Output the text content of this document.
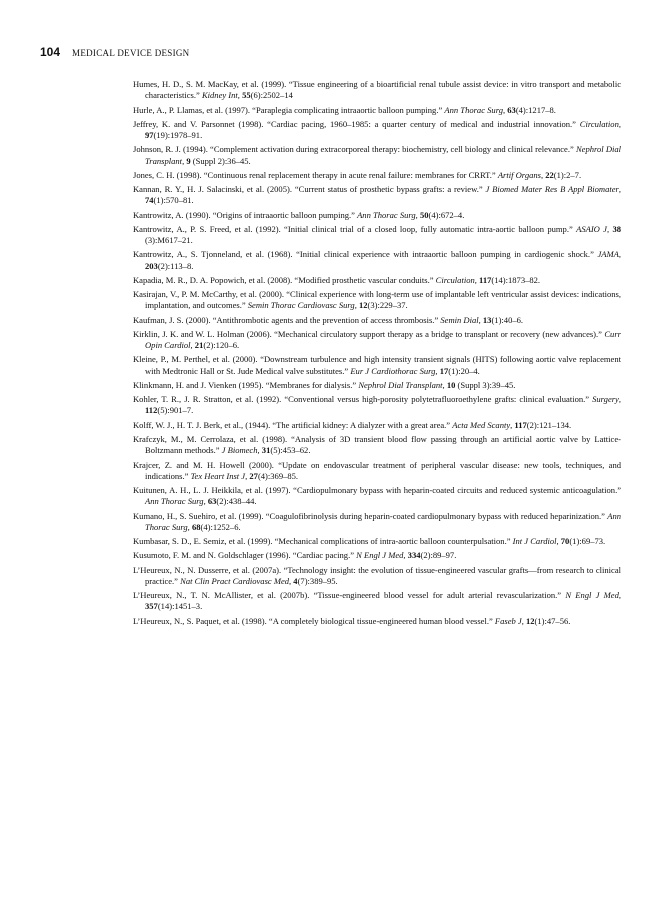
104 MEDICAL DEVICE DESIGN

Humes, H. D., S. M. MacKay, et al. (1999). “Tissue engineering of a bioartificial renal tubule assist device: in vitro transport and metabolic characteristics.” Kidney Int, 55(6):2502–14

Hurle, A., P. Llamas, et al. (1997). “Paraplegia complicating intraaortic balloon pumping.” Ann Thorac Surg, 63(4):1217–8.

Jeffrey, K. and V. Parsonnet (1998). “Cardiac pacing, 1960–1985: a quarter century of medical and industrial innovation.” Circulation, 97(19):1978–91.

Johnson, R. J. (1994). “Complement activation during extracorporeal therapy: biochemistry, cell biology and clinical relevance.” Nephrol Dial Transplant, 9 (Suppl 2):36–45.

Jones, C. H. (1998). “Continuous renal replacement therapy in acute renal failure: membranes for CRRT.” Artif Organs, 22(1):2–7.

Kannan, R. Y., H. J. Salacinski, et al. (2005). “Current status of prosthetic bypass grafts: a review.” J Biomed Mater Res B Appl Biomater, 74(1):570–81.

Kantrowitz, A. (1990). “Origins of intraaortic balloon pumping.” Ann Thorac Surg, 50(4):672–4.

Kantrowitz, A., P. S. Freed, et al. (1992). “Initial clinical trial of a closed loop, fully automatic intra-aortic balloon pump.” ASAIO J, 38 (3):M617–21.

Kantrowitz, A., S. Tjonneland, et al. (1968). “Initial clinical experience with intraaortic balloon pumping in cardiogenic shock.” JAMA, 203(2):113–8.

Kapadia, M. R., D. A. Popowich, et al. (2008). “Modified prosthetic vascular conduits.” Circulation, 117(14):1873–82.

Kasirajan, V., P. M. McCarthy, et al. (2000). “Clinical experience with long-term use of implantable left ventricular assist devices: indications, implantation, and outcomes.” Semin Thorac Cardiovasc Surg, 12(3):229–37.

Kaufman, J. S. (2000). “Antithrombotic agents and the prevention of access thrombosis.” Semin Dial, 13(1):40–6.

Kirklin, J. K. and W. L. Holman (2006). “Mechanical circulatory support therapy as a bridge to transplant or recovery (new advances).” Curr Opin Cardiol, 21(2):120–6.

Kleine, P., M. Perthel, et al. (2000). “Downstream turbulence and high intensity transient signals (HITS) following aortic valve replacement with Medtronic Hall or St. Jude Medical valve substitutes.” Eur J Cardiothorac Surg, 17(1):20–4.

Klinkmann, H. and J. Vienken (1995). “Membranes for dialysis.” Nephrol Dial Transplant, 10 (Suppl 3):39–45.

Kohler, T. R., J. R. Stratton, et al. (1992). “Conventional versus high-porosity polytetrafluoroethylene grafts: clinical evaluation.” Surgery, 112(5):901–7.

Kolff, W. J., H. T. J. Berk, et al., (1944). “The artificial kidney: A dialyzer with a great area.” Acta Med Scanty, 117(2):121–134.

Krafczyk, M., M. Cerrolaza, et al. (1998). “Analysis of 3D transient blood flow passing through an artificial aortic valve by Lattice-Boltzmann methods.” J Biomech, 31(5):453–62.

Krajcer, Z. and M. H. Howell (2000). “Update on endovascular treatment of peripheral vascular disease: new tools, techniques, and indications.” Tex Heart Inst J, 27(4):369–85.

Kuitunen, A. H., L. J. Heikkila, et al. (1997). “Cardiopulmonary bypass with heparin-coated circuits and reduced systemic anticoagulation.” Ann Thorac Surg, 63(2):438–44.

Kumano, H., S. Suehiro, et al. (1999). “Coagulofibrinolysis during heparin-coated cardiopulmonary bypass with reduced heparinization.” Ann Thorac Surg, 68(4):1252–6.

Kumbasar, S. D., E. Semiz, et al. (1999). “Mechanical complications of intra-aortic balloon counterpulsation.” Int J Cardiol, 70(1):69–73.

Kusumoto, F. M. and N. Goldschlager (1996). “Cardiac pacing.” N Engl J Med, 334(2):89–97.

L’Heureux, N., N. Dusserre, et al. (2007a). “Technology insight: the evolution of tissue-engineered vascular grafts—from research to clinical practice.” Nat Clin Pract Cardiovasc Med, 4(7):389–95.

L’Heureux, N., T. N. McAllister, et al. (2007b). “Tissue-engineered blood vessel for adult arterial revascularization.” N Engl J Med, 357(14):1451–3.

L’Heureux, N., S. Paquet, et al. (1998). “A completely biological tissue-engineered human blood vessel.” Faseb J, 12(1):47–56.
